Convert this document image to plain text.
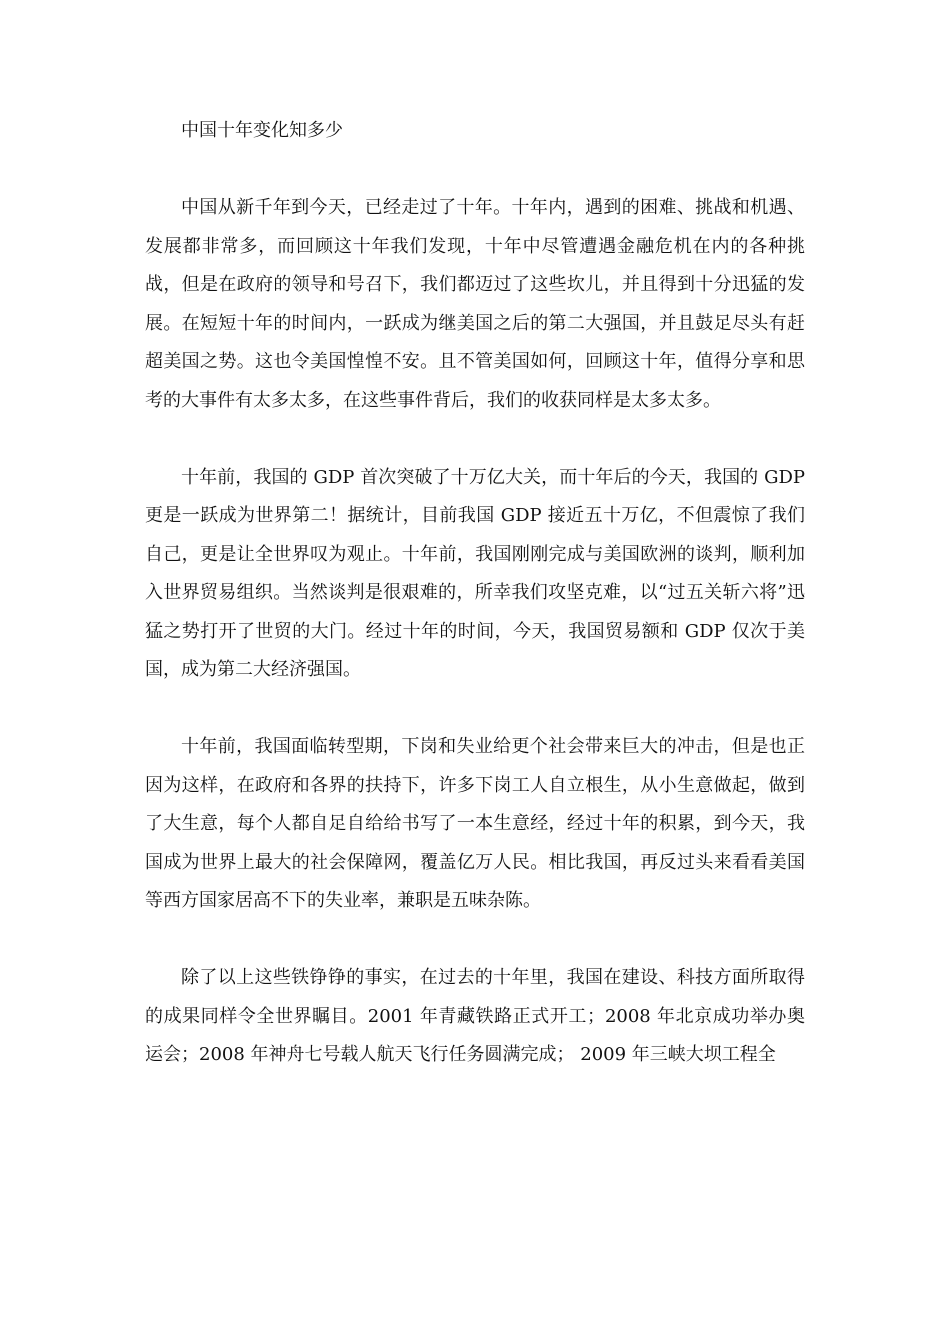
中国十年变化知多少

中国从新千年到今天，已经走过了十年。十年内，遇到的困难、挑战和机遇、发展都非常多，而回顾这十年我们发现，十年中尽管遭遇金融危机在内的各种挑战，但是在政府的领导和号召下，我们都迈过了这些坎儿，并且得到十分迅猛的发展。在短短十年的时间内，一跃成为继美国之后的第二大强国，并且鼓足尽头有赶超美国之势。这也令美国惶惶不安。且不管美国如何，回顾这十年，值得分享和思考的大事件有太多太多，在这些事件背后，我们的收获同样是太多太多。

十年前，我国的 GDP 首次突破了十万亿大关，而十年后的今天，我国的 GDP 更是一跃成为世界第二！据统计，目前我国 GDP 接近五十万亿，不但震惊了我们自己，更是让全世界叹为观止。十年前，我国刚刚完成与美国欧洲的谈判，顺利加入世界贸易组织。当然谈判是很艰难的，所幸我们攻坚克难，以“过五关斩六将”迅猛之势打开了世贸的大门。经过十年的时间，今天，我国贸易额和 GDP 仅次于美国，成为第二大经济强国。

十年前，我国面临转型期，下岗和失业给更个社会带来巨大的冲击，但是也正因为这样，在政府和各界的扶持下，许多下岗工人自立根生，从小生意做起，做到了大生意，每个人都自足自给给书写了一本生意经，经过十年的积累，到今天，我国成为世界上最大的社会保障网，覆盖亿万人民。相比我国，再反过头来看看美国等西方国家居高不下的失业率，兼职是五味杂陈。

除了以上这些铁铮铮的事实，在过去的十年里，我国在建设、科技方面所取得的成果同样令全世界瞩目。2001 年青藏铁路正式开工；2008 年北京成功举办奥运会；2008 年神舟七号载人航天飞行任务圆满完成； 2009 年三峡大坝工程全
